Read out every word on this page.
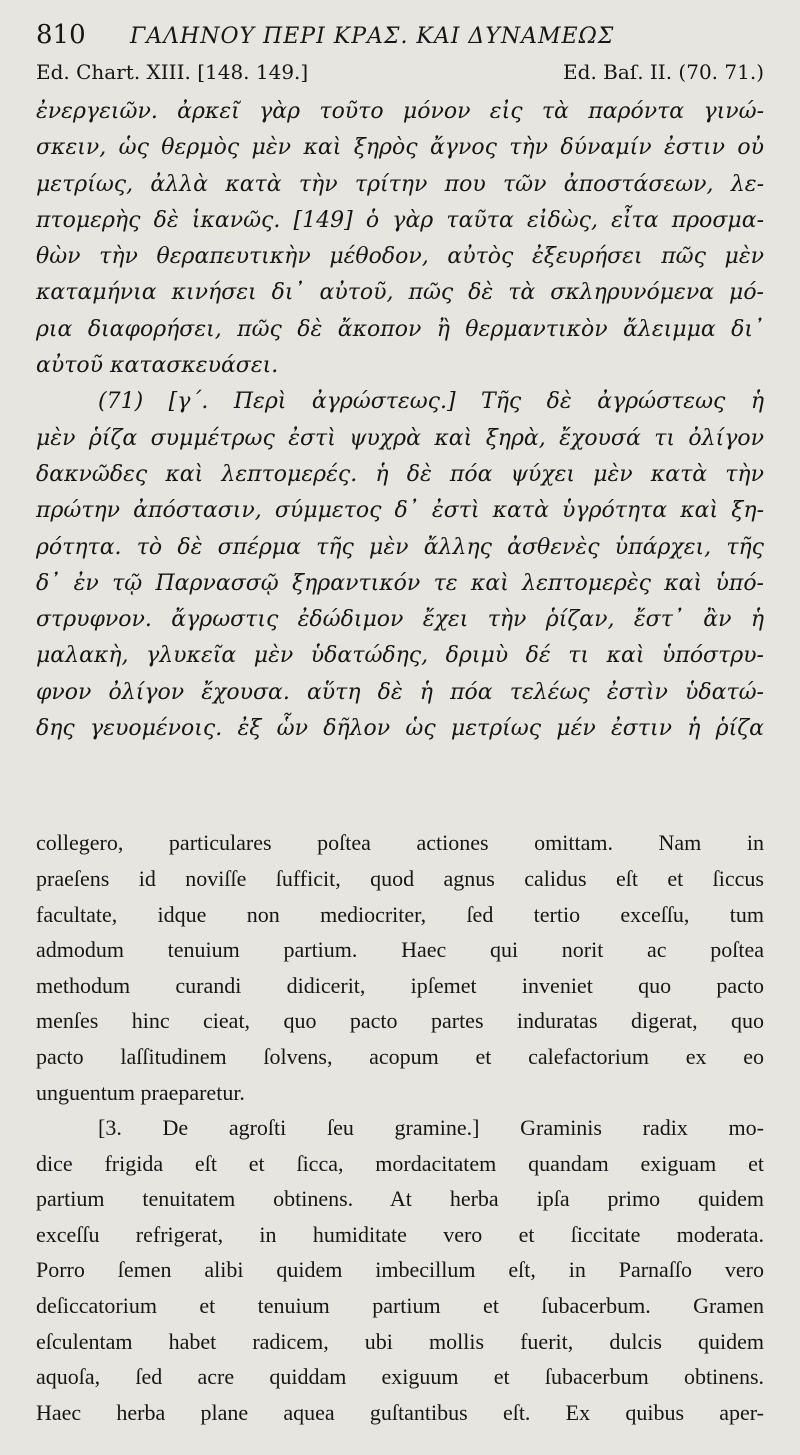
810	ΓΑΛΗΝΟΥ ΠΕΡΙ ΚΡΑΣ. ΚΑΙ ΔΥΝΑΜΕΩΣ
Ed. Chart. XIII. [148. 149.]	Ed. Baſ. II. (70. 71.)
ἐνεργειῶν. ἀρκεῖ γὰρ τοῦτο μόνον εἰς τὰ παρόντα γινώ-
σκειν, ὡς θερμὸς μὲν καὶ ξηρὸς ἄγνος τὴν δύναμίν ἐστιν οὐ
μετρίως, ἀλλὰ κατὰ τὴν τρίτην που τῶν ἀποστάσεων, λε-
πτομερὴς δὲ ἱκανῶς. [149] ὁ γὰρ ταῦτα εἰδὼς, εἶτα προσμα-
θὼν τὴν θεραπευτικὴν μέθοδον, αὐτὸς ἐξευρήσει πῶς μὲν
καταμήνια κινήσει δι᾽ αὐτοῦ, πῶς δὲ τὰ σκληρυνόμενα μό-
ρια διαφορήσει, πῶς δὲ ἄκοπον ἢ θερμαντικὸν ἄλειμμα δι᾽
αὐτοῦ κατασκευάσει.
(71) [γ΄. Περὶ ἀγρώστεως.] Τῆς δὲ ἀγρώστεως ἡ
μὲν ῥίζα συμμέτρως ἐστὶ ψυχρὰ καὶ ξηρὰ, ἔχουσά τι ὀλίγον
δακνῶδες καὶ λεπτομερές. ἡ δὲ πόα ψύχει μὲν κατὰ τὴν
πρώτην ἀπόστασιν, σύμμετος δ᾽ ἐστὶ κατὰ ὑγρότητα καὶ ξη-
ρότητα. τὸ δὲ σπέρμα τῆς μὲν ἄλλης ἀσθενὲς ὑπάρχει, τῆς
δ᾽ ἐν τῷ Παρνασσῷ ξηραντικόν τε καὶ λεπτομερὲς καὶ ὑπό-
στρυφνον. ἄγρωστις ἐδώδιμον ἔχει τὴν ῥίζαν, ἔστ᾽ ἂν ἡ
μαλακὴ, γλυκεῖα μὲν ὑδατώδης, δριμὺ δέ τι καὶ ὑπόστρυ-
φνον ὀλίγον ἔχουσα. αὕτη δὲ ἡ πόα τελέως ἐστὶν ὑδατώ-
δης γευομένοις. ἐξ ὧν δῆλον ὡς μετρίως μέν ἐστιν ἡ ῥίζα
collegero, particulares poſtea actiones omittam. Nam in
praeſens id noviſſe ſufficit, quod agnus calidus eſt et ſiccus
facultate, idque non mediocriter, ſed tertio exceſſu, tum
admodum tenuium partium. Haec qui norit ac poſtea
methodum curandi didicerit, ipſemet inveniet quo pacto
menſes hinc cieat, quo pacto partes induratas digerat, quo
pacto laſſitudinem ſolvens, acopum et calefactorium ex eo
unguentum praeparetur.
[3. De agroſti ſeu gramine.] Graminis radix mo-
dice frigida eſt et ſicca, mordacitatem quandam exiguam et
partium tenuitatem obtinens. At herba ipſa primo quidem
exceſſu refrigerat, in humiditate vero et ſiccitate moderata.
Porro ſemen alibi quidem imbecillum eſt, in Parnaſſo vero
deſiccatorium et tenuium partium et ſubacerbum. Gramen
eſculentam habet radicem, ubi mollis fuerit, dulcis quidem
aquoſa, ſed acre quiddam exiguum et ſubacerbum obtinens.
Haec herba plane aquea guſtantibus eſt. Ex quibus aper-
